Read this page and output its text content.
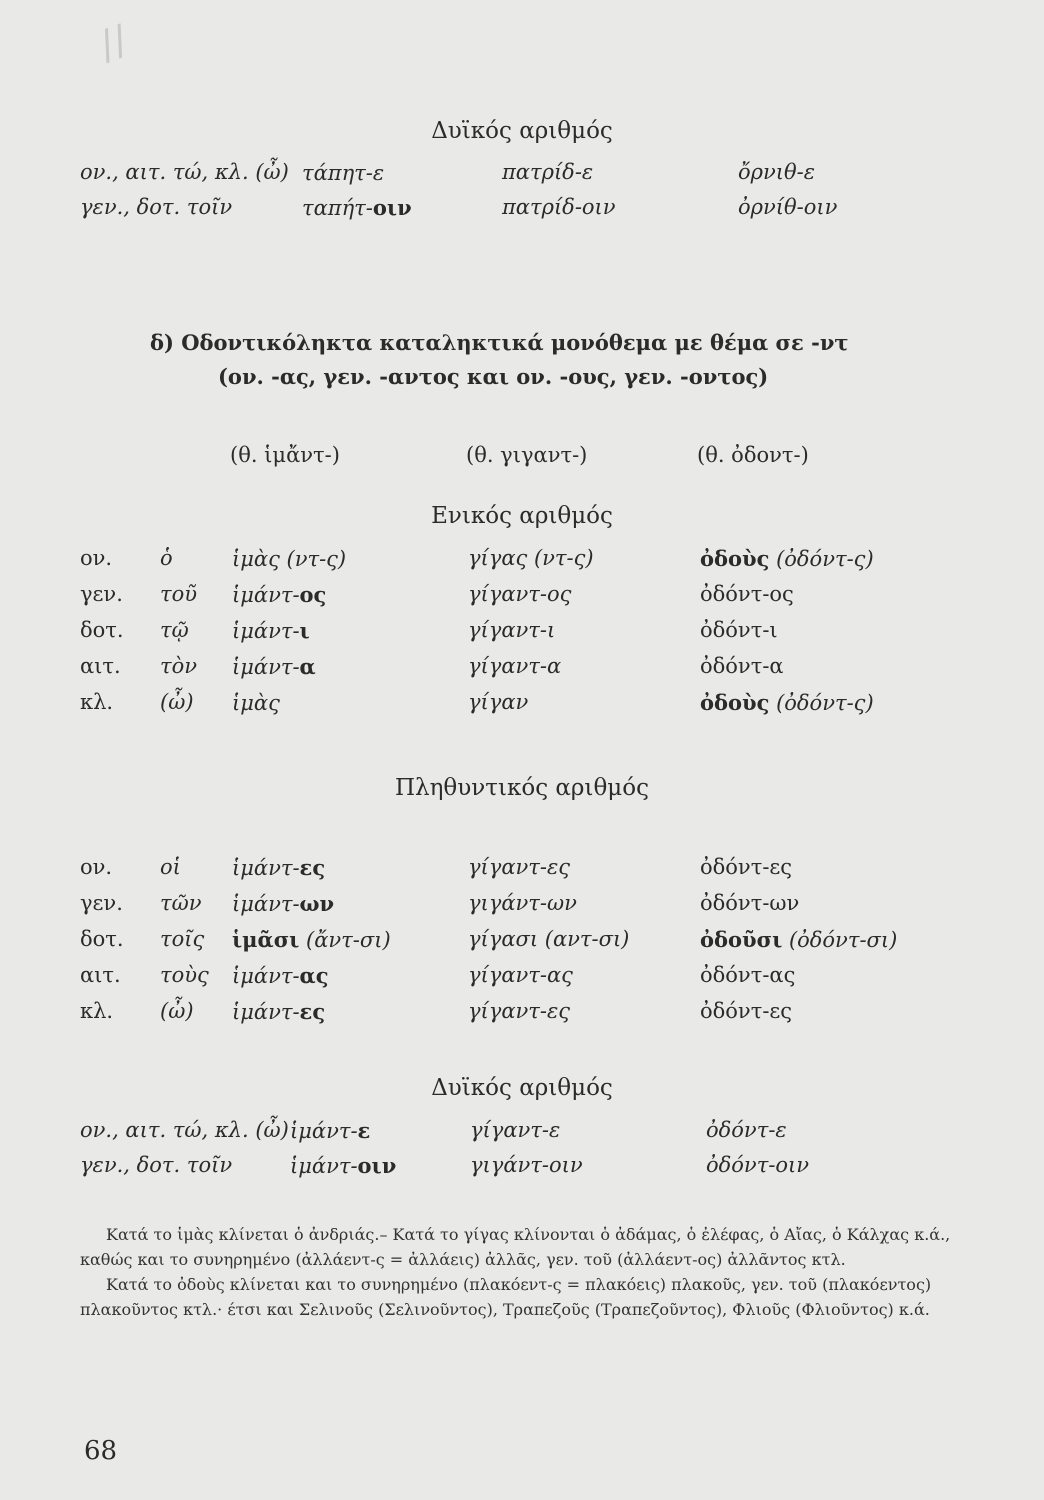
//
Δυϊκός αριθμός
ον., αιτ. τώ, κλ. (ὦ) τάπητ-ε	πατρίδ-ε	ὄρνιθ-ε
γεν., δοτ. τοῖν	ταπήτ-οιν	πατρίδ-οιν	ὀρνίθ-οιν
δ) Οδοντικόληκτα καταληκτικά μονόθεμα με θέμα σε -ντ
(ον. -ας, γεν. -αντος και ον. -ους, γεν. -οντος)
(θ. ἱμἄντ-)	(θ. γιγαντ-)	(θ. ὀδοντ-)
Ενικός αριθμός
ον. ὁ	ἱμὰς (ντ-ς)	γίγας (ντ-ς)	ὀδοὺς (ὀδόντ-ς)
γεν. τοῦ ἱμάντ-ος	γίγαντ-ος	ὀδόντ-ος
δοτ. τῷ ἱμάντ-ι	γίγαντ-ι	ὀδόντ-ι
αιτ. τὸν ἱμάντ-α	γίγαντ-α	ὀδόντ-α
κλ. (ὦ) ἱμὰς	γίγαν	ὀδοὺς (ὀδόντ-ς)
Πληθυντικός αριθμός
ον. οἱ ἱμάντ-ες	γίγαντ-ες	ὀδόντ-ες
γεν. τῶν ἱμάντ-ων	γιγάντ-ων	ὀδόντ-ων
δοτ. τοῖς ἱμᾶσι (ἄντ-σι)	γίγασι (αντ-σι)	ὀδοῦσι (ὀδόντ-σι)
αιτ. τοὺς ἱμάντ-ας	γίγαντ-ας	ὀδόντ-ας
κλ. (ὦ) ἱμάντ-ες	γίγαντ-ες	ὀδόντ-ες
Δυϊκός αριθμός
ον., αιτ. τώ, κλ. (ὦ) ἱμάντ-ε	γίγαντ-ε	ὀδόντ-ε
γεν., δοτ. τοῖν	ἱμάντ-οιν	γιγάντ-οιν	ὀδόντ-οιν

Κατά το ἱμὰς κλίνεται ὁ ἀνδριάς.– Κατά το γίγας κλίνονται ὁ ἀδάμας, ὁ ἐλέφας, ὁ Αἴας, ὁ Κάλχας κ.ά., καθώς και το συνηρημένο (ἀλλάεντ-ς = ἀλλάεις) ἀλλᾶς, γεν. τοῦ (ἀλλάεντ-ος) ἀλλᾶντος κτλ.

Κατά το ὀδοὺς κλίνεται και το συνηρημένο (πλακόεντ-ς = πλακόεις) πλακοῦς, γεν. τοῦ (πλακόεντος) πλακοῦντος κτλ.· έτσι και Σελινοῦς (Σελινοῦντος), Τραπεζοῦς (Τραπεζοῦντος), Φλιοῦς (Φλιοῦντος) κ.ά.

68
